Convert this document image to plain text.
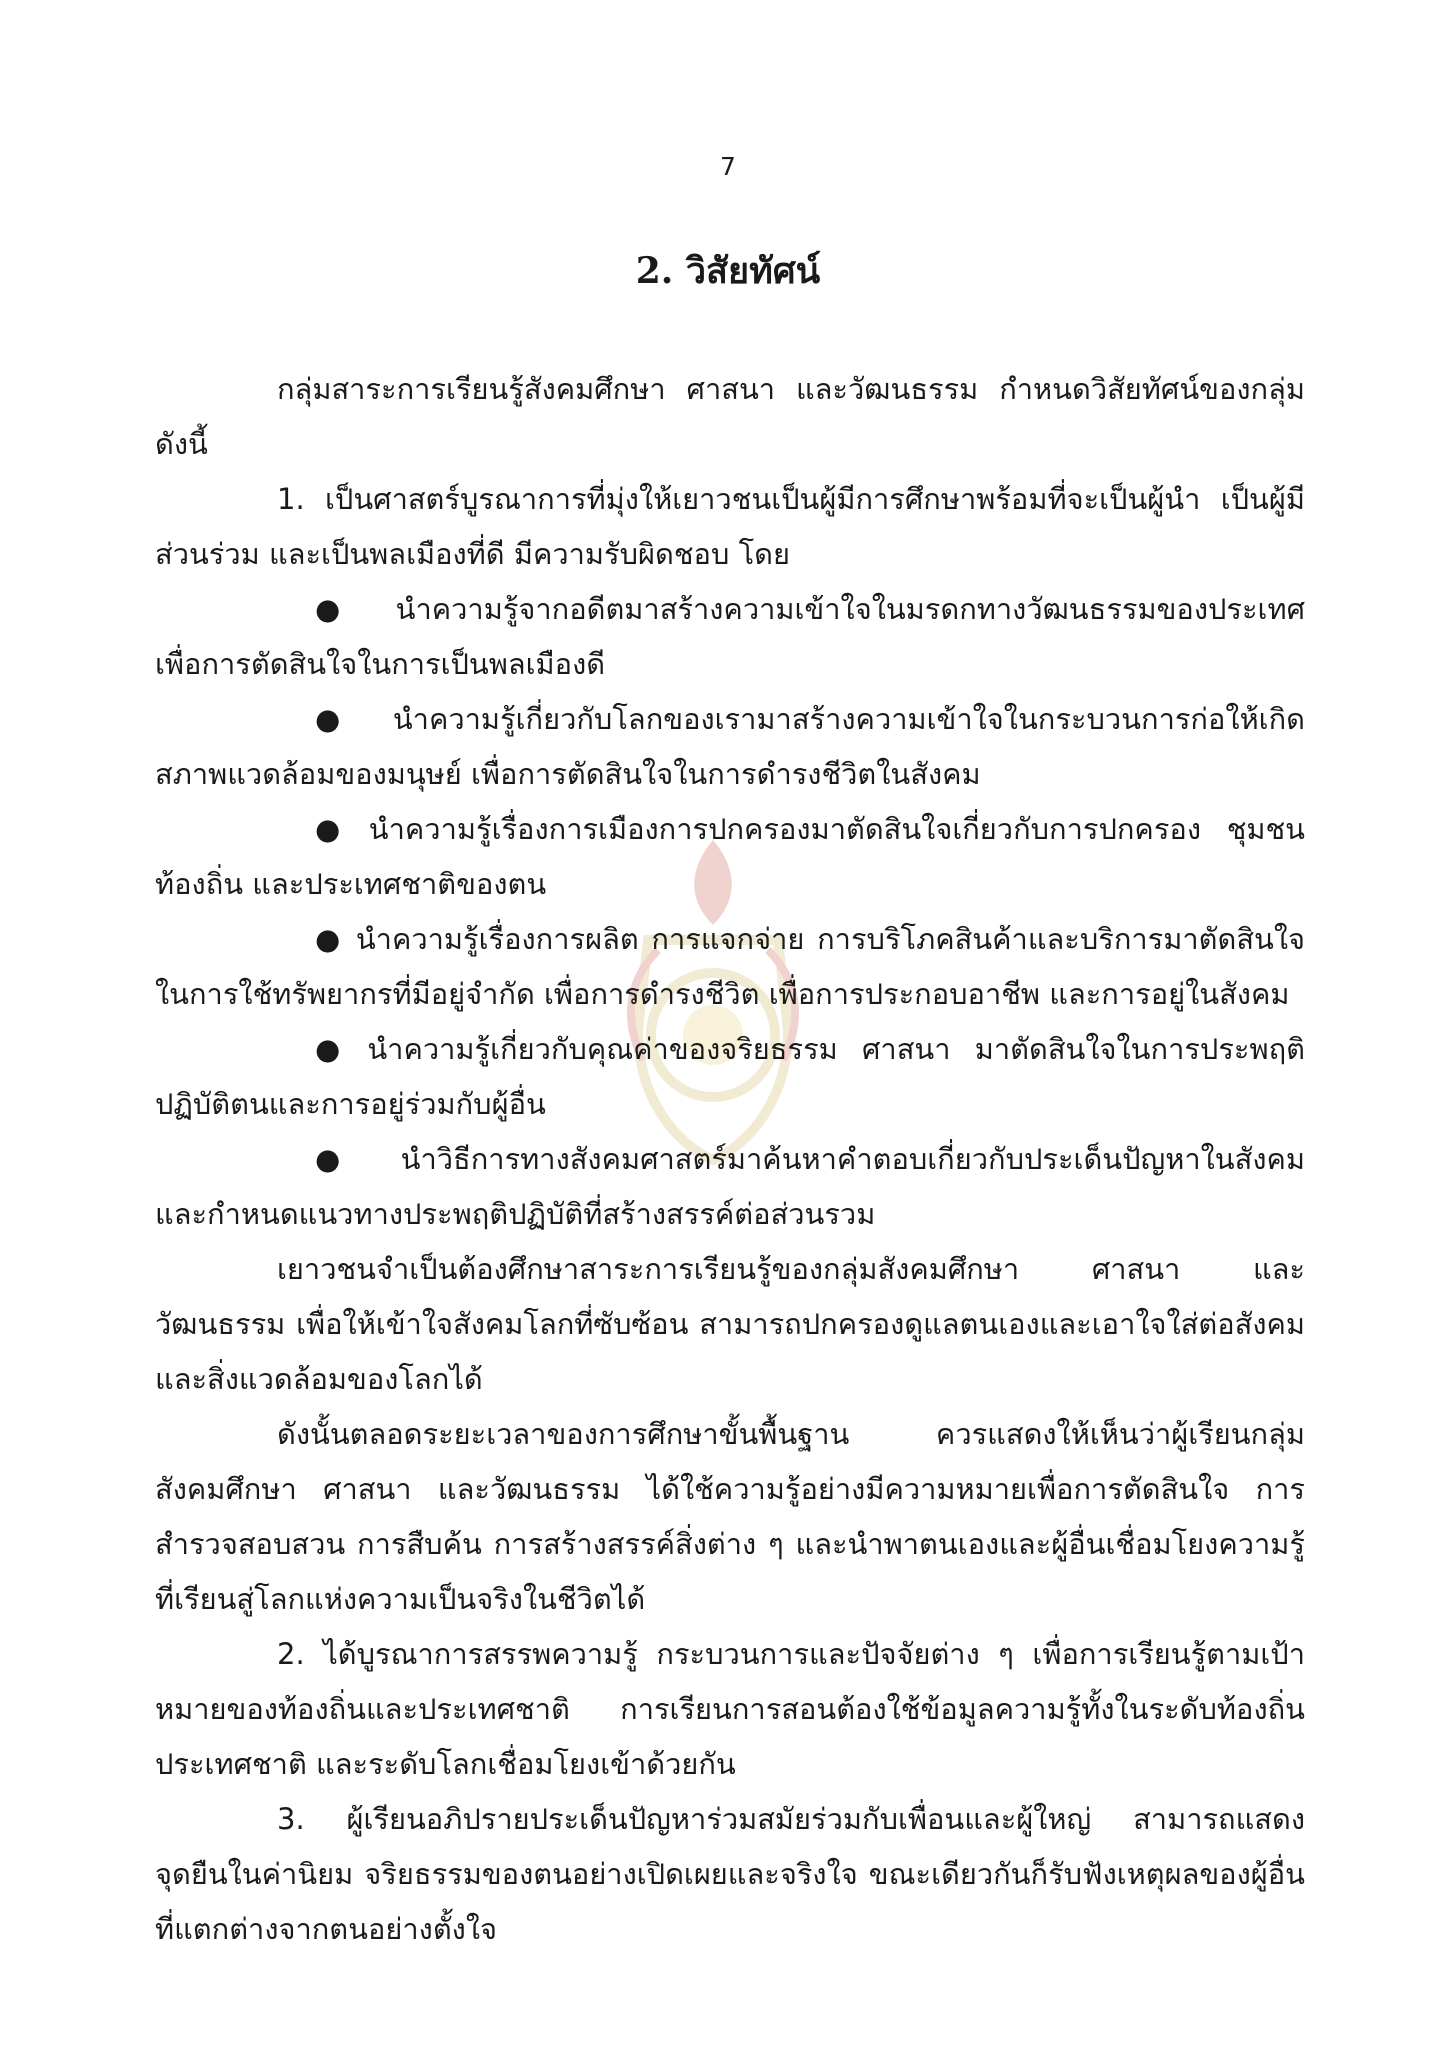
7
2. วิสัยทัศน์

กลุ่มสาระการเรียนรู้สังคมศึกษา ศาสนา และวัฒนธรรม กำหนดวิสัยทัศน์ของกลุ่มดังนี้

1. เป็นศาสตร์บูรณาการที่มุ่งให้เยาวชนเป็นผู้มีการศึกษาพร้อมที่จะเป็นผู้นำ เป็นผู้มีส่วนร่วม และเป็นพลเมืองที่ดี มีความรับผิดชอบ โดย

● นำความรู้จากอดีตมาสร้างความเข้าใจในมรดกทางวัฒนธรรมของประเทศ เพื่อการตัดสินใจในการเป็นพลเมืองดี

● นำความรู้เกี่ยวกับโลกของเรามาสร้างความเข้าใจในกระบวนการก่อให้เกิดสภาพแวดล้อมของมนุษย์ เพื่อการตัดสินใจในการดำรงชีวิตในสังคม

● นำความรู้เรื่องการเมืองการปกครองมาตัดสินใจเกี่ยวกับการปกครอง ชุมชนท้องถิ่น และประเทศชาติของตน

● นำความรู้เรื่องการผลิต การแจกจ่าย การบริโภคสินค้าและบริการมาตัดสินใจในการใช้ทรัพยากรที่มีอยู่จำกัด เพื่อการดำรงชีวิต เพื่อการประกอบอาชีพ และการอยู่ในสังคม

● นำความรู้เกี่ยวกับคุณค่าของจริยธรรม ศาสนา มาตัดสินใจในการประพฤติปฏิบัติตนและการอยู่ร่วมกับผู้อื่น

● นำวิธีการทางสังคมศาสตร์มาค้นหาคำตอบเกี่ยวกับประเด็นปัญหาในสังคมและกำหนดแนวทางประพฤติปฏิบัติที่สร้างสรรค์ต่อส่วนรวม

เยาวชนจำเป็นต้องศึกษาสาระการเรียนรู้ของกลุ่มสังคมศึกษา ศาสนา และวัฒนธรรม เพื่อให้เข้าใจสังคมโลกที่ซับซ้อน สามารถปกครองดูแลตนเองและเอาใจใส่ต่อสังคมและสิ่งแวดล้อมของโลกได้

ดังนั้นตลอดระยะเวลาของการศึกษาขั้นพื้นฐาน ควรแสดงให้เห็นว่าผู้เรียนกลุ่มสังคมศึกษา ศาสนา และวัฒนธรรม ได้ใช้ความรู้อย่างมีความหมายเพื่อการตัดสินใจ การสำรวจสอบสวน การสืบค้น การสร้างสรรค์สิ่งต่าง ๆ และนำพาตนเองและผู้อื่นเชื่อมโยงความรู้ที่เรียนสู่โลกแห่งความเป็นจริงในชีวิตได้

2. ได้บูรณาการสรรพความรู้ กระบวนการและปัจจัยต่าง ๆ เพื่อการเรียนรู้ตามเป้าหมายของท้องถิ่นและประเทศชาติ การเรียนการสอนต้องใช้ข้อมูลความรู้ทั้งในระดับท้องถิ่น ประเทศชาติ และระดับโลกเชื่อมโยงเข้าด้วยกัน

3. ผู้เรียนอภิปรายประเด็นปัญหาร่วมสมัยร่วมกับเพื่อนและผู้ใหญ่ สามารถแสดงจุดยืนในค่านิยม จริยธรรมของตนอย่างเปิดเผยและจริงใจ ขณะเดียวกันก็รับฟังเหตุผลของผู้อื่นที่แตกต่างจากตนอย่างตั้งใจ
